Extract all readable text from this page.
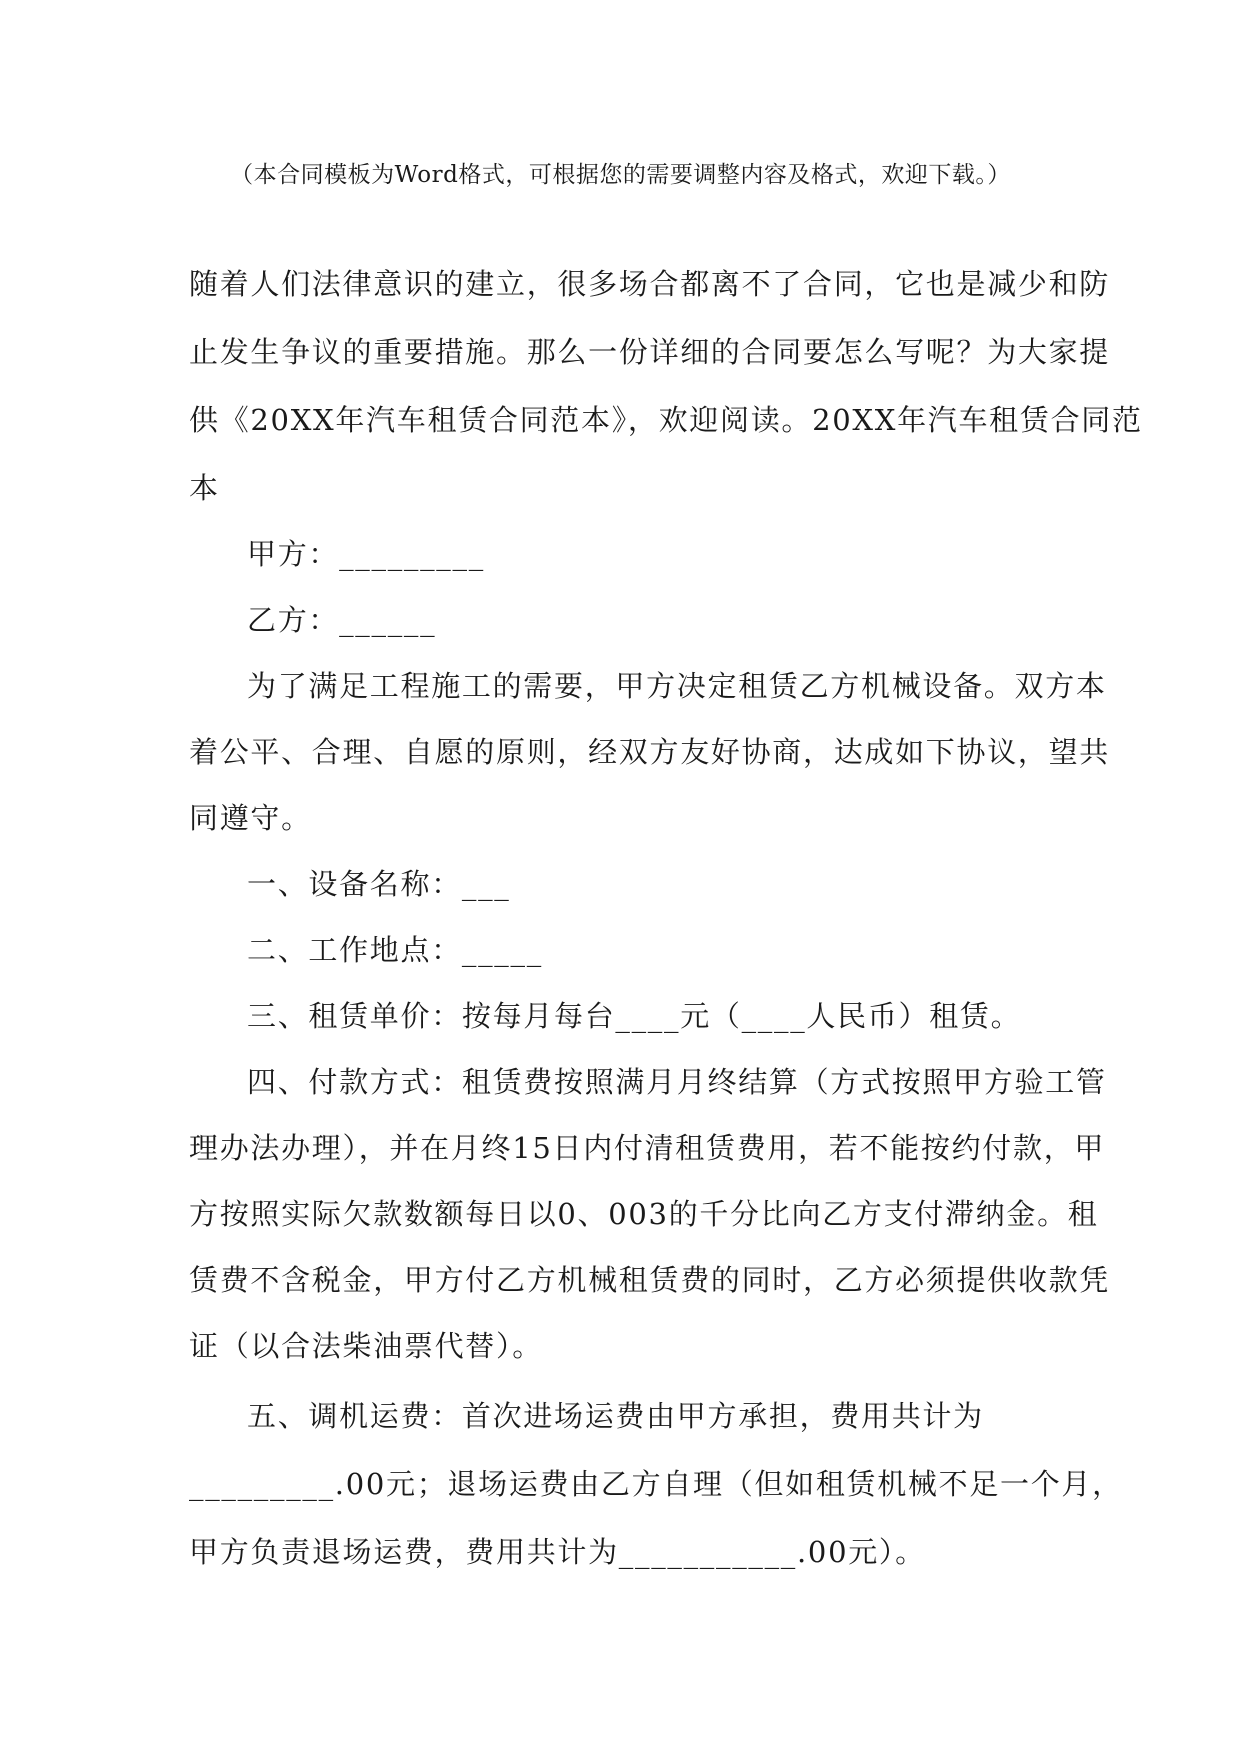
（本合同模板为Word格式，可根据您的需要调整内容及格式，欢迎下载。）
随着人们法律意识的建立，很多场合都离不了合同，它也是减少和防
止发生争议的重要措施。那么一份详细的合同要怎么写呢？为大家提
供《20XX年汽车租赁合同范本》，欢迎阅读。20XX年汽车租赁合同范
本
甲方：_________
乙方：______
为了满足工程施工的需要，甲方决定租赁乙方机械设备。双方本
着公平、合理、自愿的原则，经双方友好协商，达成如下协议，望共
同遵守。
一、设备名称：___
二、工作地点：_____
三、租赁单价：按每月每台____元（____人民币）租赁。
四、付款方式：租赁费按照满月月终结算（方式按照甲方验工管
理办法办理），并在月终15日内付清租赁费用，若不能按约付款，甲
方按照实际欠款数额每日以0、003的千分比向乙方支付滞纳金。租
赁费不含税金，甲方付乙方机械租赁费的同时，乙方必须提供收款凭
证（以合法柴油票代替）。
五、调机运费：首次进场运费由甲方承担，费用共计为
_________.00元；退场运费由乙方自理（但如租赁机械不足一个月，
甲方负责退场运费，费用共计为___________.00元）。
